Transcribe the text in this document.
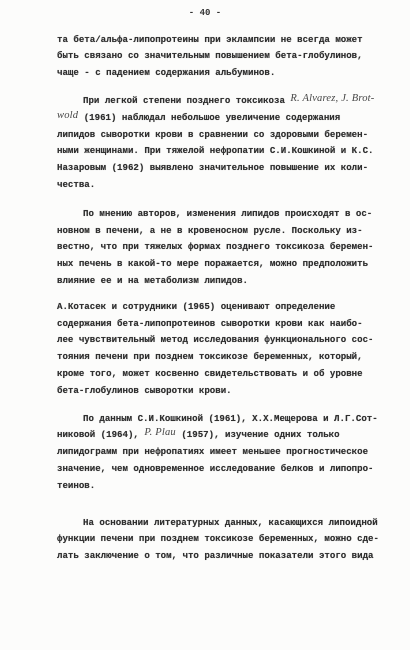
- 40 -
та бета/альфа-липопротеины при эклампсии не всегда может
быть связано со значительным повышением бета-глобулинов,
чаще - с падением содержания альбуминов.
При легкой степени позднего токсикоза R. Alvarez, J. Brot-
wold (1961) наблюдал небольшое увеличение содержания
липидов сыворотки крови в сравнении со здоровыми беремен-
ными женщинами. При тяжелой нефропатии С.И.Кошкиной и К.С.
Назаровым (1962) выявлено значительное повышение их коли-
чества.
По мнению авторов, изменения липидов происходят в ос-
новном в печени, а не в кровеносном русле. Поскольку из-
вестно, что при тяжелых формах позднего токсикоза беремен-
ных печень в какой-то мере поражается, можно предположить
влияние ее и на метаболизм липидов.
А.Котасек и сотрудники (1965) оценивают определение
содержания бета-липопротеинов сыворотки крови как наибо-
лее чувствительный метод исследования функционального сос-
тояния печени при позднем токсикозе беременных, который,
кроме того, может косвенно свидетельствовать и об уровне
бета-глобулинов сыворотки крови.
По данным С.И.Кошкиной (1961), Х.Х.Мещерова и Л.Г.Сот-
никовой (1964), P. Plau (1957), изучение одних только
липидограмм при нефропатиях имеет меньшее прогностическое
значение, чем одновременное исследование белков и липопро-
теинов.
На основании литературных данных, касающихся липоидной
функции печени при позднем токсикозе беременных, можно сде-
лать заключение о том, что различные показатели этого вида
